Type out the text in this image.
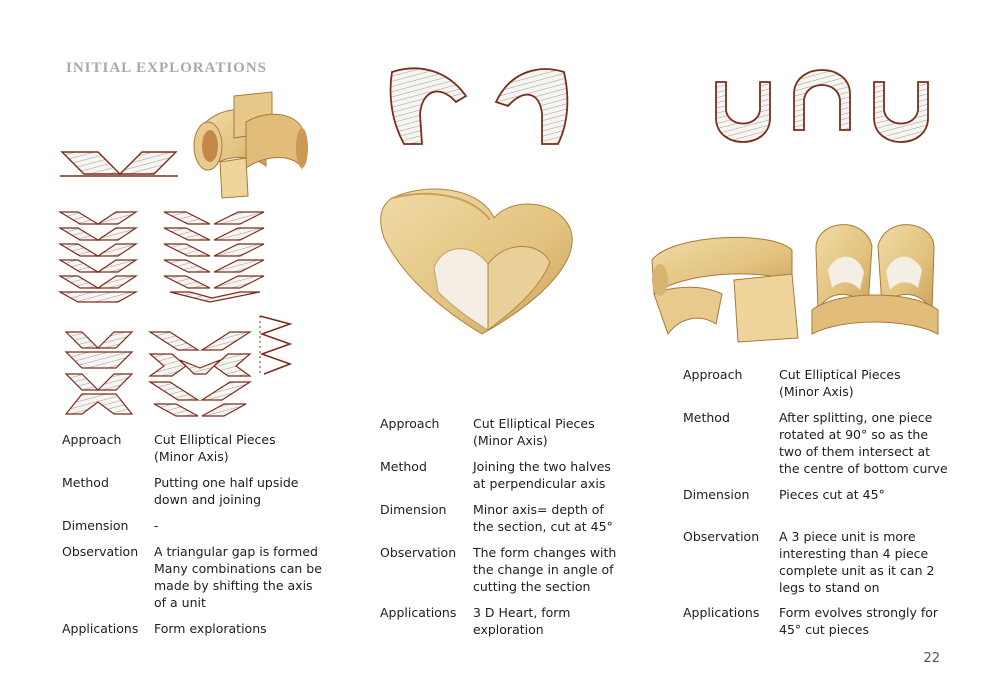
INITIAL EXPLORATIONS
Approach	Cut Elliptical Pieces
(Minor Axis)
Method	Putting one half upside
down and joining
Dimension -
Observation A triangular gap is formed
Many combinations can be
made by shifting the axis
of a unit
Applications Form explorations
Approach	Cut Elliptical Pieces
(Minor Axis)
Method	Joining the two halves
at perpendicular axis
Dimension Minor axis= depth of
the section, cut at 45°
Observation The form changes with
the change in angle of
cutting the section
Applications 3 D Heart, form
exploration
Approach	Cut Elliptical Pieces
(Minor Axis)
Method	After splitting, one piece
rotated at 90° so as the
two of them intersect at
the centre of bottom curve
Dimension Pieces cut at 45°
Observation A 3 piece unit is more
interesting than 4 piece
complete unit as it can 2
legs to stand on
Applications Form evolves strongly for
45° cut pieces
22
